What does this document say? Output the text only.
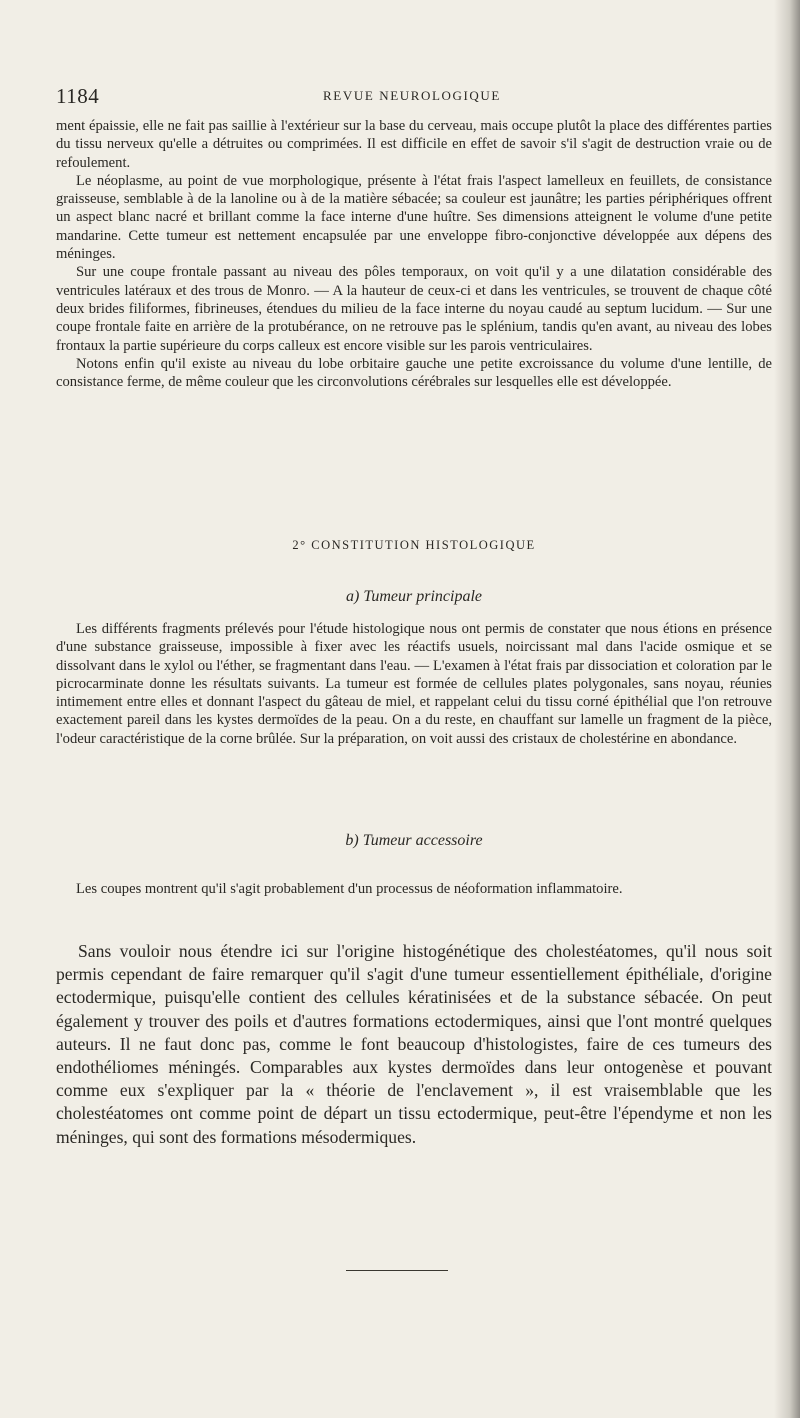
1184	REVUE NEUROLOGIQUE

ment épaissie, elle ne fait pas saillie à l'extérieur sur la base du cerveau, mais occupe plutôt la place des différentes parties du tissu nerveux qu'elle a détruites ou comprimées. Il est difficile en effet de savoir s'il s'agit de destruction vraie ou de refoulement.

Le néoplasme, au point de vue morphologique, présente à l'état frais l'aspect lamelleux en feuillets, de consistance graisseuse, semblable à de la lanoline ou à de la matière sébacée; sa couleur est jaunâtre; les parties périphériques offrent un aspect blanc nacré et brillant comme la face interne d'une huître. Ses dimensions atteignent le volume d'une petite mandarine. Cette tumeur est nettement encapsulée par une enveloppe fibro-conjonctive développée aux dépens des méninges.

Sur une coupe frontale passant au niveau des pôles temporaux, on voit qu'il y a une dilatation considérable des ventricules latéraux et des trous de Monro. — A la hauteur de ceux-ci et dans les ventricules, se trouvent de chaque côté deux brides filiformes, fibrineuses, étendues du milieu de la face interne du noyau caudé au septum lucidum. — Sur une coupe frontale faite en arrière de la protubérance, on ne retrouve pas le splénium, tandis qu'en avant, au niveau des lobes frontaux la partie supérieure du corps calleux est encore visible sur les parois ventriculaires.

Notons enfin qu'il existe au niveau du lobe orbitaire gauche une petite excroissance du volume d'une lentille, de consistance ferme, de même couleur que les circonvolutions cérébrales sur lesquelles elle est développée.

2° CONSTITUTION HISTOLOGIQUE
a) Tumeur principale

Les différents fragments prélevés pour l'étude histologique nous ont permis de constater que nous étions en présence d'une substance graisseuse, impossible à fixer avec les réactifs usuels, noircissant mal dans l'acide osmique et se dissolvant dans le xylol ou l'éther, se fragmentant dans l'eau. — L'examen à l'état frais par dissociation et coloration par le picrocarminate donne les résultats suivants. La tumeur est formée de cellules plates polygonales, sans noyau, réunies intimement entre elles et donnant l'aspect du gâteau de miel, et rappelant celui du tissu corné épithélial que l'on retrouve exactement pareil dans les kystes dermoïdes de la peau. On a du reste, en chauffant sur lamelle un fragment de la pièce, l'odeur caractéristique de la corne brûlée. Sur la préparation, on voit aussi des cristaux de cholestérine en abondance.

b) Tumeur accessoire

Les coupes montrent qu'il s'agit probablement d'un processus de néoformation inflammatoire.

Sans vouloir nous étendre ici sur l'origine histogénétique des cholestéatomes, qu'il nous soit permis cependant de faire remarquer qu'il s'agit d'une tumeur essentiellement épithéliale, d'origine ectodermique, puisqu'elle contient des cellules kératinisées et de la substance sébacée. On peut également y trouver des poils et d'autres formations ectodermiques, ainsi que l'ont montré quelques auteurs. Il ne faut donc pas, comme le font beaucoup d'histologistes, faire de ces tumeurs des endothéliomes méningés. Comparables aux kystes dermoïdes dans leur ontogenèse et pouvant comme eux s'expliquer par la « théorie de l'enclavement », il est vraisemblable que les cholestéatomes ont comme point de départ un tissu ectodermique, peut-être l'épendyme et non les méninges, qui sont des formations mésodermiques.
